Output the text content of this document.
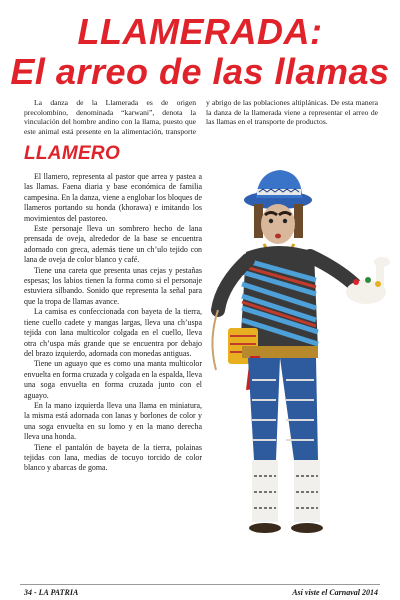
LLAMERADA:
El arreo de las llamas

La danza de la Llamerada es de origen precolombino, denominada “karwani”, denota la vinculación del hombre andino con la llama, puesto que este animal está presente en la alimentación, transporte y abrigo de las poblaciones altiplánicas. De esta manera la danza de la llamerada viene a representar el arreo de las llamas en el transporte de productos.

LLAMERO

El llamero, representa al pastor que arrea y pastea a las llamas. Faena diaria y base económica de familia campesina. En la danza, viene a englobar los bloques de llameros portando su honda (khorawa) e imitando los movimientos del pastoreo.

Este personaje lleva un sombrero hecho de lana prensada de oveja, alrededor de la base se encuentra adornado con greca, además tiene un ch’ulo tejido con lana de oveja de color blanco y café.

Tiene una careta que presenta unas cejas y pestañas espesas; los labios tienen la forma como si el personaje estuviera silbando. Sonido que representa la señal para que la tropa de llamas avance.

La camisa es confeccionada con bayeta de la tierra, tiene cuello cadete y mangas largas, lleva una ch’uspa tejida con lana multicolor colgada en el cuello, lleva otra ch’uspa más grande que se encuentra por debajo del brazo izquierdo, adornada con monedas antiguas.

Tiene un aguayo que es como una manta multicolor envuelta en forma cruzada y colgada en la espalda, lleva una soga envuelta en forma cruzada junto con el aguayo.

En la mano izquierda lleva una llama en miniatura, la misma está adornada con lanas y borlones de color y una soga envuelta en su lomo y en la mano derecha lleva una honda.

Tiene el pantalón de bayeta de la tierra, polainas tejidas con lana, medias de tocuyo torcido de color blanco y abarcas de goma.

34 - LA PATRIA	Así viste el Carnaval 2014
